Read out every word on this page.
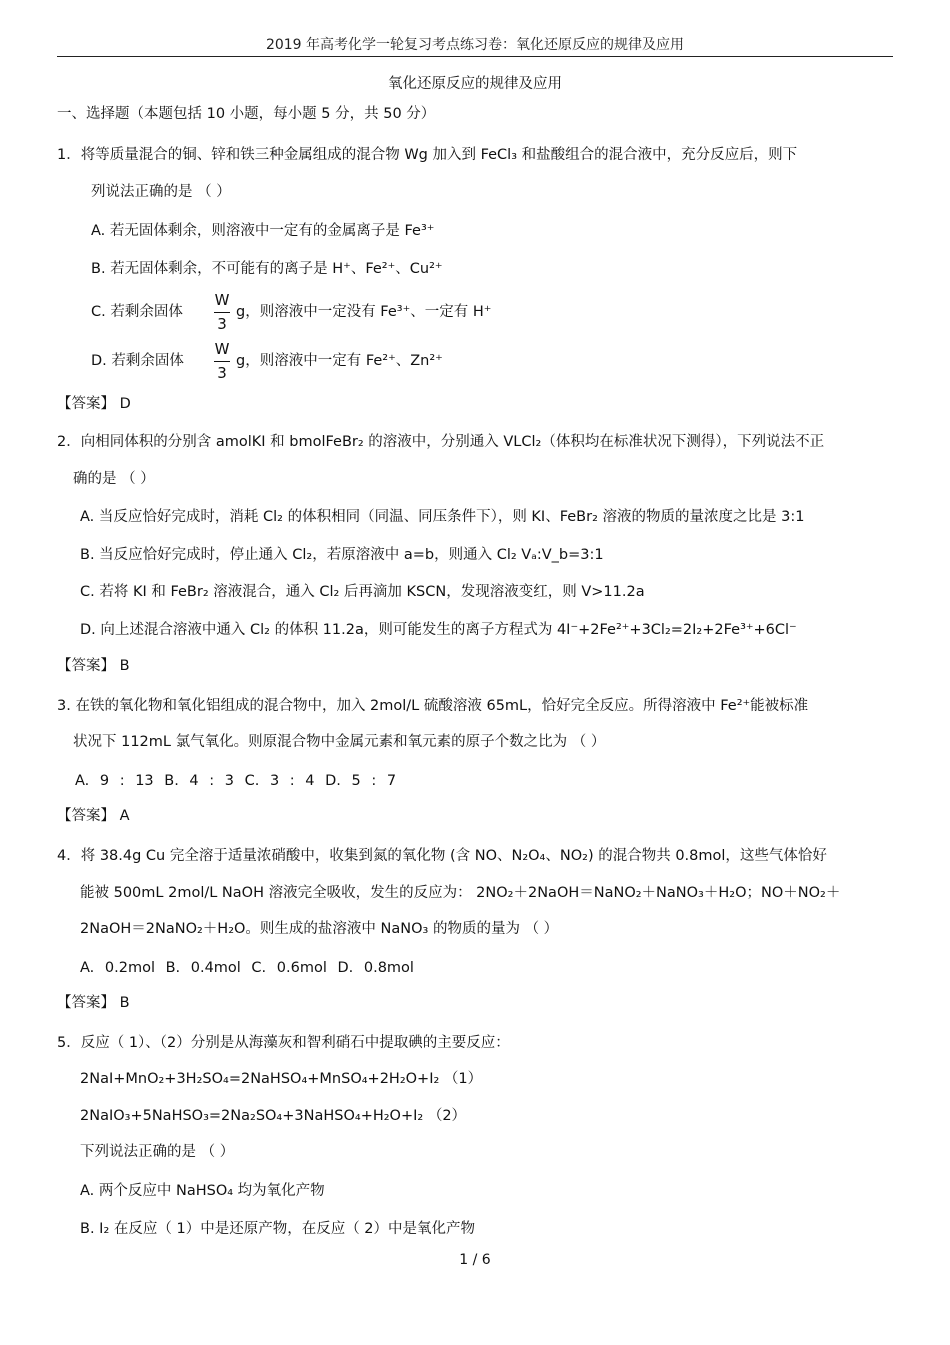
2019 年高考化学一轮复习考点练习卷：氧化还原反应的规律及应用
氧化还原反应的规律及应用
一、选择题（本题包括 10 小题，每小题 5 分，共 50 分）
1．将等质量混合的铜、锌和铁三种金属组成的混合物 Wg 加入到 FeCl₃ 和盐酸组合的混合液中，充分反应后，则下
列说法正确的是 （ ）
A. 若无固体剩余，则溶液中一定有的金属离子是 Fe³⁺
B. 若无固体剩余，不可能有的离子是 H⁺、Fe²⁺、Cu²⁺
C. 若剩余固体
W
3
g，则溶液中一定没有 Fe³⁺、一定有 H⁺
D. 若剩余固体
W
3
g，则溶液中一定有 Fe²⁺、Zn²⁺
【答案】 D
2．向相同体积的分别含 amolKI 和 bmolFeBr₂ 的溶液中，分别通入 VLCl₂（体积均在标准状况下测得），下列说法不正
确的是 （ ）
A. 当反应恰好完成时，消耗 Cl₂ 的体积相同（同温、同压条件下），则 KI、FeBr₂ 溶液的物质的量浓度之比是 3:1
B. 当反应恰好完成时，停止通入 Cl₂，若原溶液中 a=b，则通入 Cl₂ Vₐ:V_b=3:1
C. 若将 KI 和 FeBr₂ 溶液混合，通入 Cl₂ 后再滴加 KSCN，发现溶液变红，则 V>11.2a
D. 向上述混合溶液中通入 Cl₂ 的体积 11.2a，则可能发生的离子方程式为 4I⁻+2Fe²⁺+3Cl₂=2I₂+2Fe³⁺+6Cl⁻
【答案】 B
3. 在铁的氧化物和氧化铝组成的混合物中，加入 2mol/L 硫酸溶液 65mL，恰好完全反应。所得溶液中 Fe²⁺能被标准
状况下 112mL 氯气氧化。则原混合物中金属元素和氧元素的原子个数之比为 （ ）
A. 9 : 13 B. 4 : 3 C. 3 : 4 D. 5 : 7
【答案】 A
4．将 38.4g Cu 完全溶于适量浓硝酸中，收集到氮的氧化物 (含 NO、N₂O₄、NO₂) 的混合物共 0.8mol，这些气体恰好
能被 500mL 2mol/L NaOH 溶液完全吸收，发生的反应为： 2NO₂＋2NaOH＝NaNO₂＋NaNO₃＋H₂O；NO＋NO₂＋
2NaOH＝2NaNO₂＋H₂O。则生成的盐溶液中 NaNO₃ 的物质的量为 （ ）
A. 0.2mol B. 0.4mol C. 0.6mol D. 0.8mol
【答案】 B
5．反应（ 1）、（2）分别是从海藻灰和智利硝石中提取碘的主要反应：
2NaI+MnO₂+3H₂SO₄=2NaHSO₄+MnSO₄+2H₂O+I₂ （1）
2NaIO₃+5NaHSO₃=2Na₂SO₄+3NaHSO₄+H₂O+I₂ （2）
下列说法正确的是 （ ）
A. 两个反应中 NaHSO₄ 均为氧化产物
B. I₂ 在反应（ 1）中是还原产物，在反应（ 2）中是氧化产物
1 / 6
